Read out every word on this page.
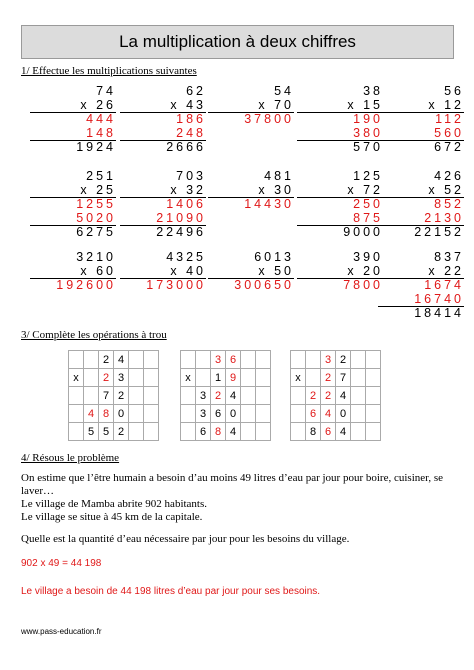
La multiplication à deux chiffres
1/ Effectue les multiplications suivantes
74
x 26
444
148
1924
62
x 43
186
248
2666
54
x 70
37800
38
x 15
190
380
570
56
x 12
112
560
672
251
x 25
1255
5020
6275
703
x 32
1406
21090
22496
481
x 30
14430
125
x 72
250
875
9000
426
x 52
852
2130
22152
3210
x 60
192600
4325
x 40
173000
6013
x 50
300650
390
x 20
7800
837
x 22
1674
16740
18414
3/ Complète les opérations à trou
		2	4		
x		2	3		
		7	2		
	4	8	0		
	5	5	2		
		3	6		
x		1	9		
	3	2	4		
	3	6	0		
	6	8	4		
		3	2		
x		2	7		
	2	2	4		
	6	4	0		
	8	6	4		
4/ Résous le problème
On estime que l’être humain a besoin d’au moins 49 litres d’eau par jour pour boire, cuisiner, se laver…
Le village de Mamba abrite 902 habitants.
Le village se situe à 45 km de la capitale.
Quelle est la quantité d’eau nécessaire par jour pour les besoins du village.
902 x 49 = 44 198
Le village a besoin de 44 198 litres d’eau par jour pour ses besoins.
www.pass-education.fr
